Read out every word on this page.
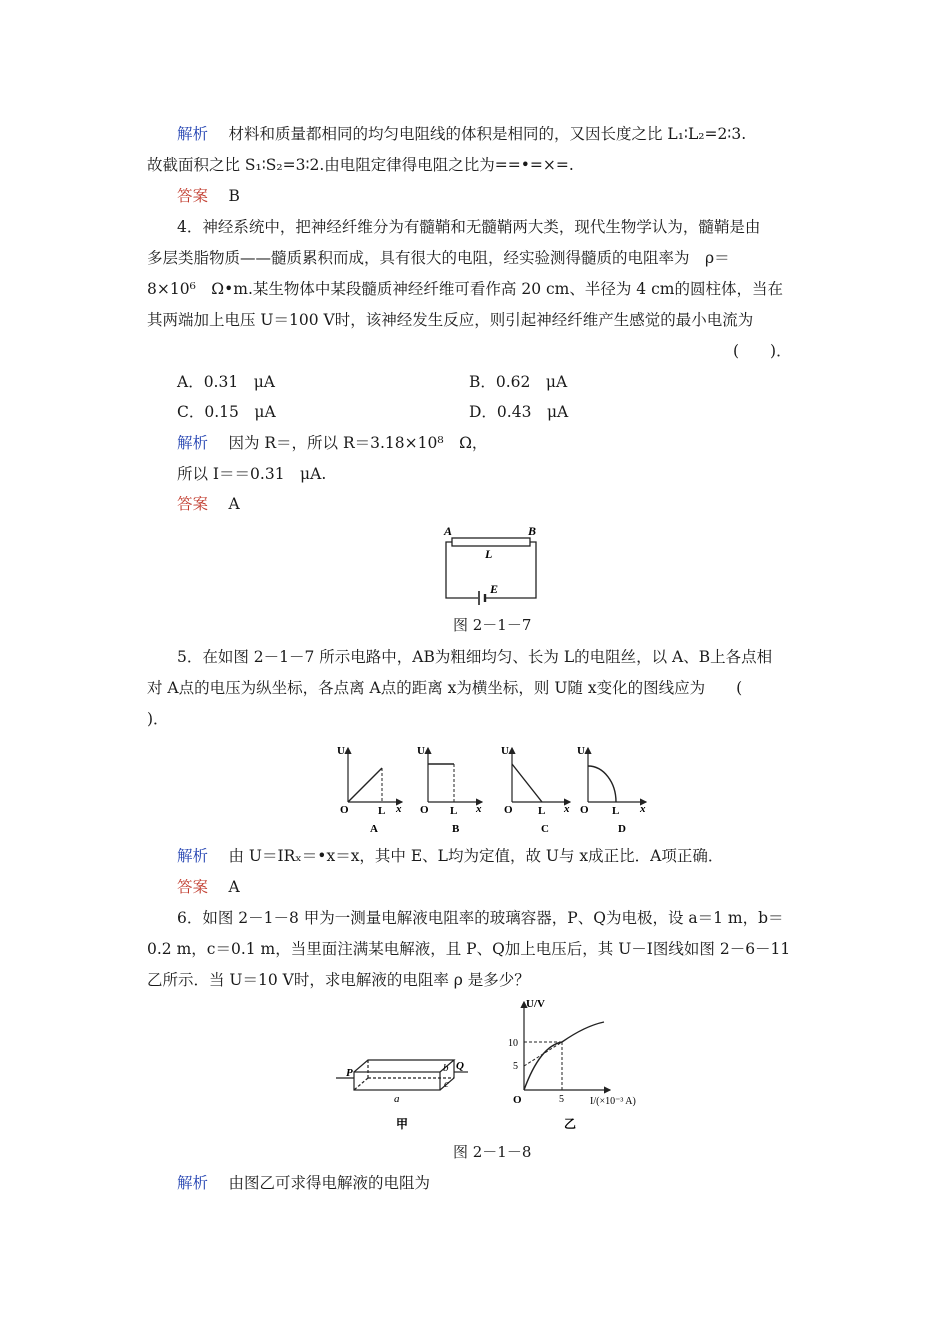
解析　 材料和质量都相同的均匀电阻线的体积是相同的，又因长度之比 L₁∶L₂=2∶3.
故截面积之比 S₁∶S₂=3∶2.由电阻定律得电阻之比为==•=×=.
答案　 B
4．神经系统中，把神经纤维分为有髓鞘和无髓鞘两大类，现代生物学认为，髓鞘是由
多层类脂物质——髓质累积而成，具有很大的电阻，经实验测得髓质的电阻率为　ρ＝
8×10⁶　Ω•m.某生物体中某段髓质神经纤维可看作高 20 cm、半径为 4 cm的圆柱体，当在
其两端加上电压 U＝100 V时，该神经发生反应，则引起神经纤维产生感觉的最小电流为
(　　)．
A．0.31　μA	B．0.62　μA
C．0.15　μA	D．0.43　μA
解析　 因为 R＝，所以 R＝3.18×10⁸　Ω，
所以 I＝＝0.31　μA.
答案　 A
A	B
L
E
图 2－1－7
5．在如图 2－1－7 所示电路中，AB为粗细均匀、长为 L的电阻丝，以 A、B上各点相
对 A点的电压为纵坐标，各点离 A点的距离 x为横坐标，则 U随 x变化的图线应为　　(
)．
U
O	L x
A
U
O L x
B
U
O L x
C
U
O L x
D
解析　 由 U＝IRₓ＝•x＝x，其中 E、L均为定值，故 U与 x成正比．A项正确．
答案　 A
6．如图 2－1－8 甲为一测量电解液电阻率的玻璃容器，P、Q为电极，设 a＝1 m，b＝
0.2 m，c＝0.1 m，当里面注满某电解液，且 P、Q加上电压后，其 U－I图线如图 2－6－11
乙所示．当 U＝10 V时，求电解液的电阻率 ρ 是多少？
P
Q
a
b
c
甲
U/V
10
5
O	5	I/(×10⁻³ A)
乙
图 2－1－8
解析　 由图乙可求得电解液的电阻为
